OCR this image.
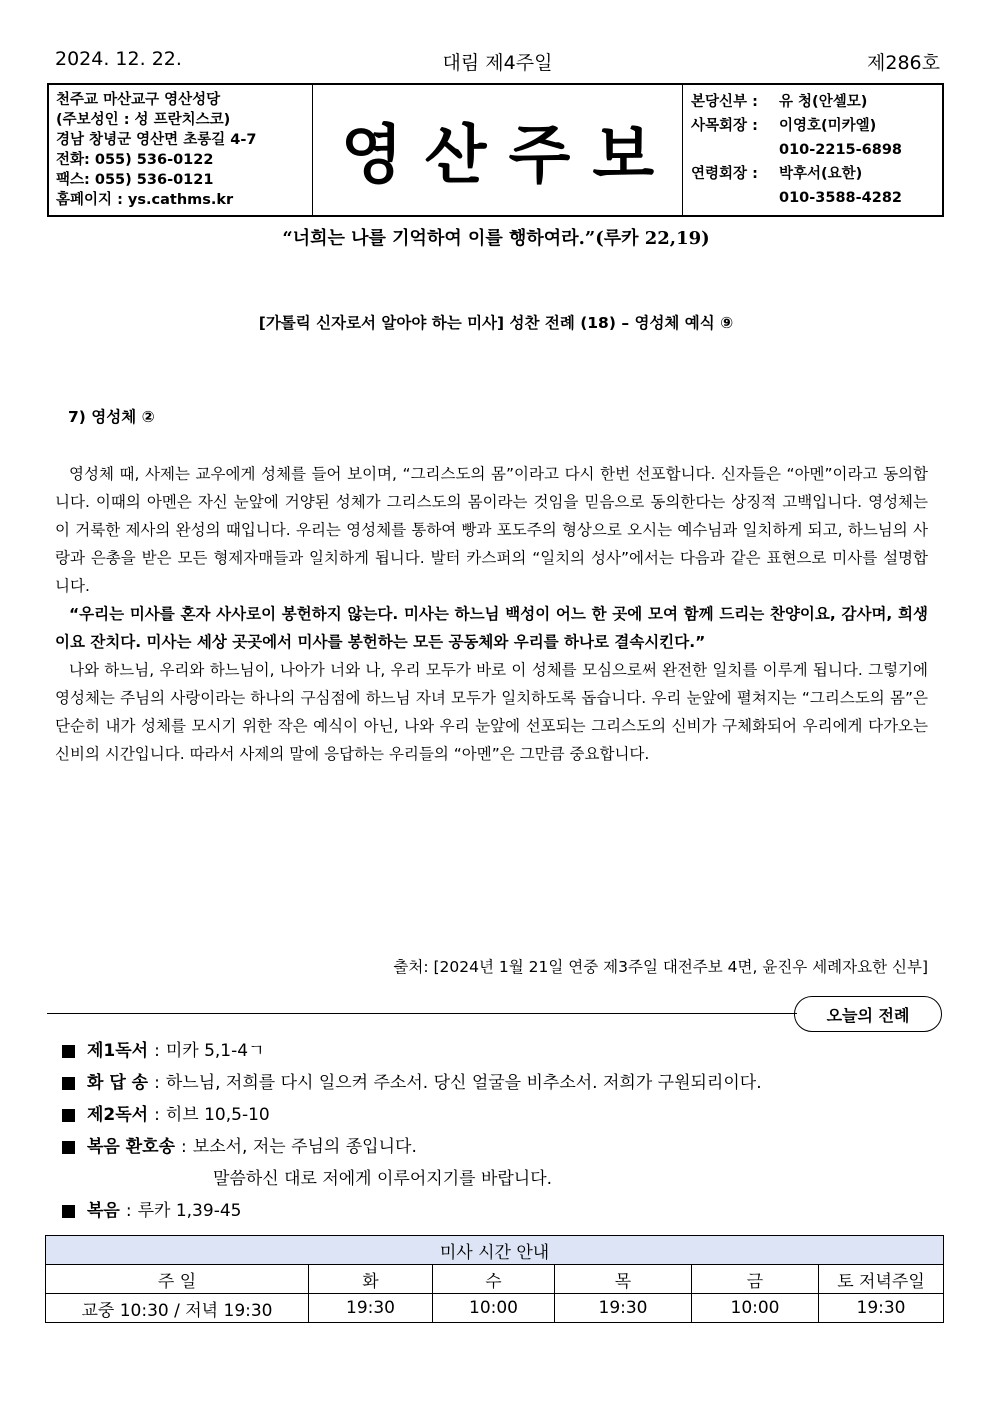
2024. 12. 22.	대림 제4주일	제286호
천주교 마산교구 영산성당
(주보성인 : 성 프란치스코)
경남 창녕군 영산면 초롱길 4-7
전화: 055) 536-0122
팩스: 055) 536-0121
홈페이지 : ys.cathms.kr
영산주보
본당신부 :	유 청(안셀모)
사목회장 :	이영호(미카엘)
010-2215-6898
연령회장 :	박후서(요한)
010-3588-4282
“너희는 나를 기억하여 이를 행하여라.”(루카 22,19)
[가톨릭 신자로서 알아야 하는 미사] 성찬 전례 (18) – 영성체 예식 ⑨
7) 영성체 ②

영성체 때, 사제는 교우에게 성체를 들어 보이며, “그리스도의 몸”이라고 다시 한번 선포합니다. 신자들은 “아멘”이라고 동의합니다. 이때의 아멘은 자신 눈앞에 거양된 성체가 그리스도의 몸이라는 것임을 믿음으로 동의한다는 상징적 고백입니다. 영성체는 이 거룩한 제사의 완성의 때입니다. 우리는 영성체를 통하여 빵과 포도주의 형상으로 오시는 예수님과 일치하게 되고, 하느님의 사랑과 은총을 받은 모든 형제자매들과 일치하게 됩니다. 발터 카스퍼의 “일치의 성사”에서는 다음과 같은 표현으로 미사를 설명합니다.

“우리는 미사를 혼자 사사로이 봉헌하지 않는다. 미사는 하느님 백성이 어느 한 곳에 모여 함께 드리는 찬양이요, 감사며, 희생이요 잔치다. 미사는 세상 곳곳에서 미사를 봉헌하는 모든 공동체와 우리를 하나로 결속시킨다.”

나와 하느님, 우리와 하느님이, 나아가 너와 나, 우리 모두가 바로 이 성체를 모심으로써 완전한 일치를 이루게 됩니다. 그렇기에 영성체는 주님의 사랑이라는 하나의 구심점에 하느님 자녀 모두가 일치하도록 돕습니다. 우리 눈앞에 펼쳐지는 “그리스도의 몸”은 단순히 내가 성체를 모시기 위한 작은 예식이 아닌, 나와 우리 눈앞에 선포되는 그리스도의 신비가 구체화되어 우리에게 다가오는 신비의 시간입니다. 따라서 사제의 말에 응답하는 우리들의 “아멘”은 그만큼 중요합니다.

출처: [2024년 1월 21일 연중 제3주일 대전주보 4면, 윤진우 세례자요한 신부]
오늘의 전례
제1독서 : 미카 5,1-4ㄱ
화 답 송 : 하느님, 저희를 다시 일으켜 주소서. 당신 얼굴을 비추소서. 저희가 구원되리이다.
제2독서 : 히브 10,5-10
복음 환호송 : 보소서, 저는 주님의 종입니다.
말씀하신 대로 저에게 이루어지기를 바랍니다.
복음 : 루카 1,39-45
미사 시간 안내					
주 일	화	수	목	금	토 저녁주일
교중 10:30 / 저녁 19:30	19:30	10:00	19:30	10:00	19:30
